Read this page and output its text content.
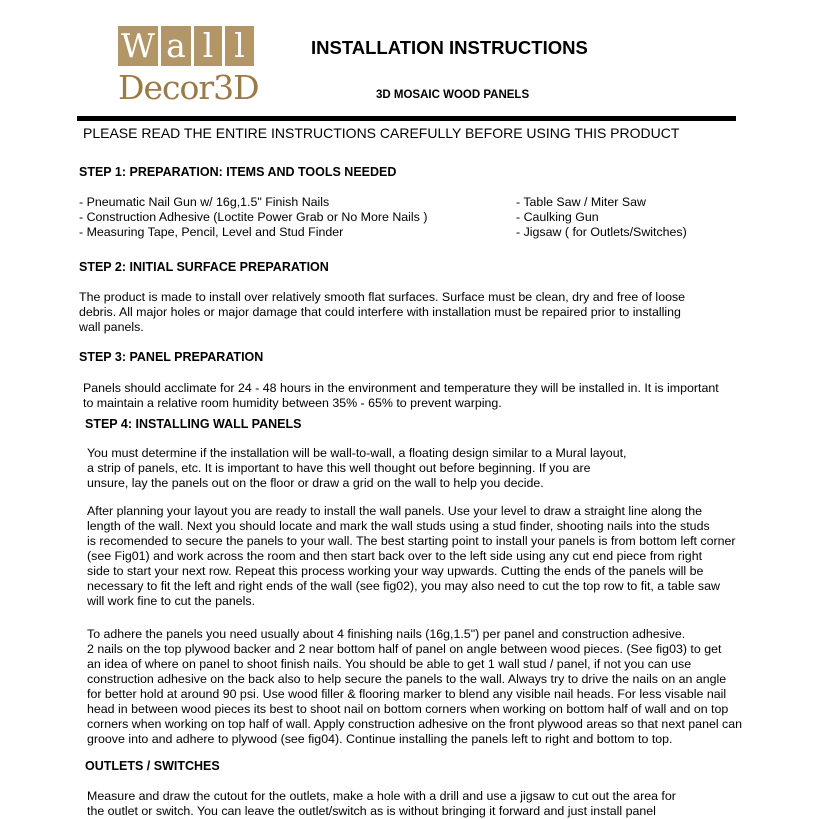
W a l l
Decor3D
INSTALLATION INSTRUCTIONS
3D MOSAIC WOOD PANELS
PLEASE READ THE ENTIRE INSTRUCTIONS CAREFULLY BEFORE USING THIS PRODUCT
STEP 1: PREPARATION: ITEMS AND TOOLS NEEDED
- Pneumatic Nail Gun w/ 16g,1.5" Finish Nails
- Construction Adhesive (Loctite Power Grab or No More Nails )
- Measuring Tape, Pencil, Level and Stud Finder
- Table Saw / Miter Saw
- Caulking Gun
- Jigsaw ( for Outlets/Switches)
STEP 2: INITIAL SURFACE PREPARATION
The product is made to install over relatively smooth flat surfaces. Surface must be clean, dry and free of loose
debris. All major holes or major damage that could interfere with installation must be repaired prior to installing
wall panels.
STEP 3: PANEL PREPARATION
Panels should acclimate for 24 - 48 hours in the environment and temperature they will be installed in. It is important
to maintain a relative room humidity between 35% - 65% to prevent warping.
STEP 4: INSTALLING WALL PANELS
You must determine if the installation will be wall-to-wall, a floating design similar to a Mural layout,
a strip of panels, etc. It is important to have this well thought out before beginning. If you are
unsure, lay the panels out on the floor or draw a grid on the wall to help you decide.
After planning your layout you are ready to install the wall panels. Use your level to draw a straight line along the
length of the wall. Next you should locate and mark the wall studs using a stud finder, shooting nails into the studs
is recomended to secure the panels to your wall. The best starting point to install your panels is from bottom left corner
(see Fig01) and work across the room and then start back over to the left side using any cut end piece from right
side to start your next row. Repeat this process working your way upwards. Cutting the ends of the panels will be
necessary to fit the left and right ends of the wall (see fig02), you may also need to cut the top row to fit, a table saw
will work fine to cut the panels.
To adhere the panels you need usually about 4 finishing nails (16g,1.5") per panel and construction adhesive.
2 nails on the top plywood backer and 2 near bottom half of panel on angle between wood pieces. (See fig03) to get
an idea of where on panel to shoot finish nails. You should be able to get 1 wall stud / panel, if not you can use
construction adhesive on the back also to help secure the panels to the wall. Always try to drive the nails on an angle
for better hold at around 90 psi. Use wood filler & flooring marker to blend any visible nail heads. For less visable nail
head in between wood pieces its best to shoot nail on bottom corners when working on bottom half of wall and on top
corners when working on top half of wall. Apply construction adhesive on the front plywood areas so that next panel can
groove into and adhere to plywood (see fig04). Continue installing the panels left to right and bottom to top.
OUTLETS / SWITCHES
Measure and draw the cutout for the outlets, make a hole with a drill and use a jigsaw to cut out the area for
the outlet or switch. You can leave the outlet/switch as is without bringing it forward and just install panel
